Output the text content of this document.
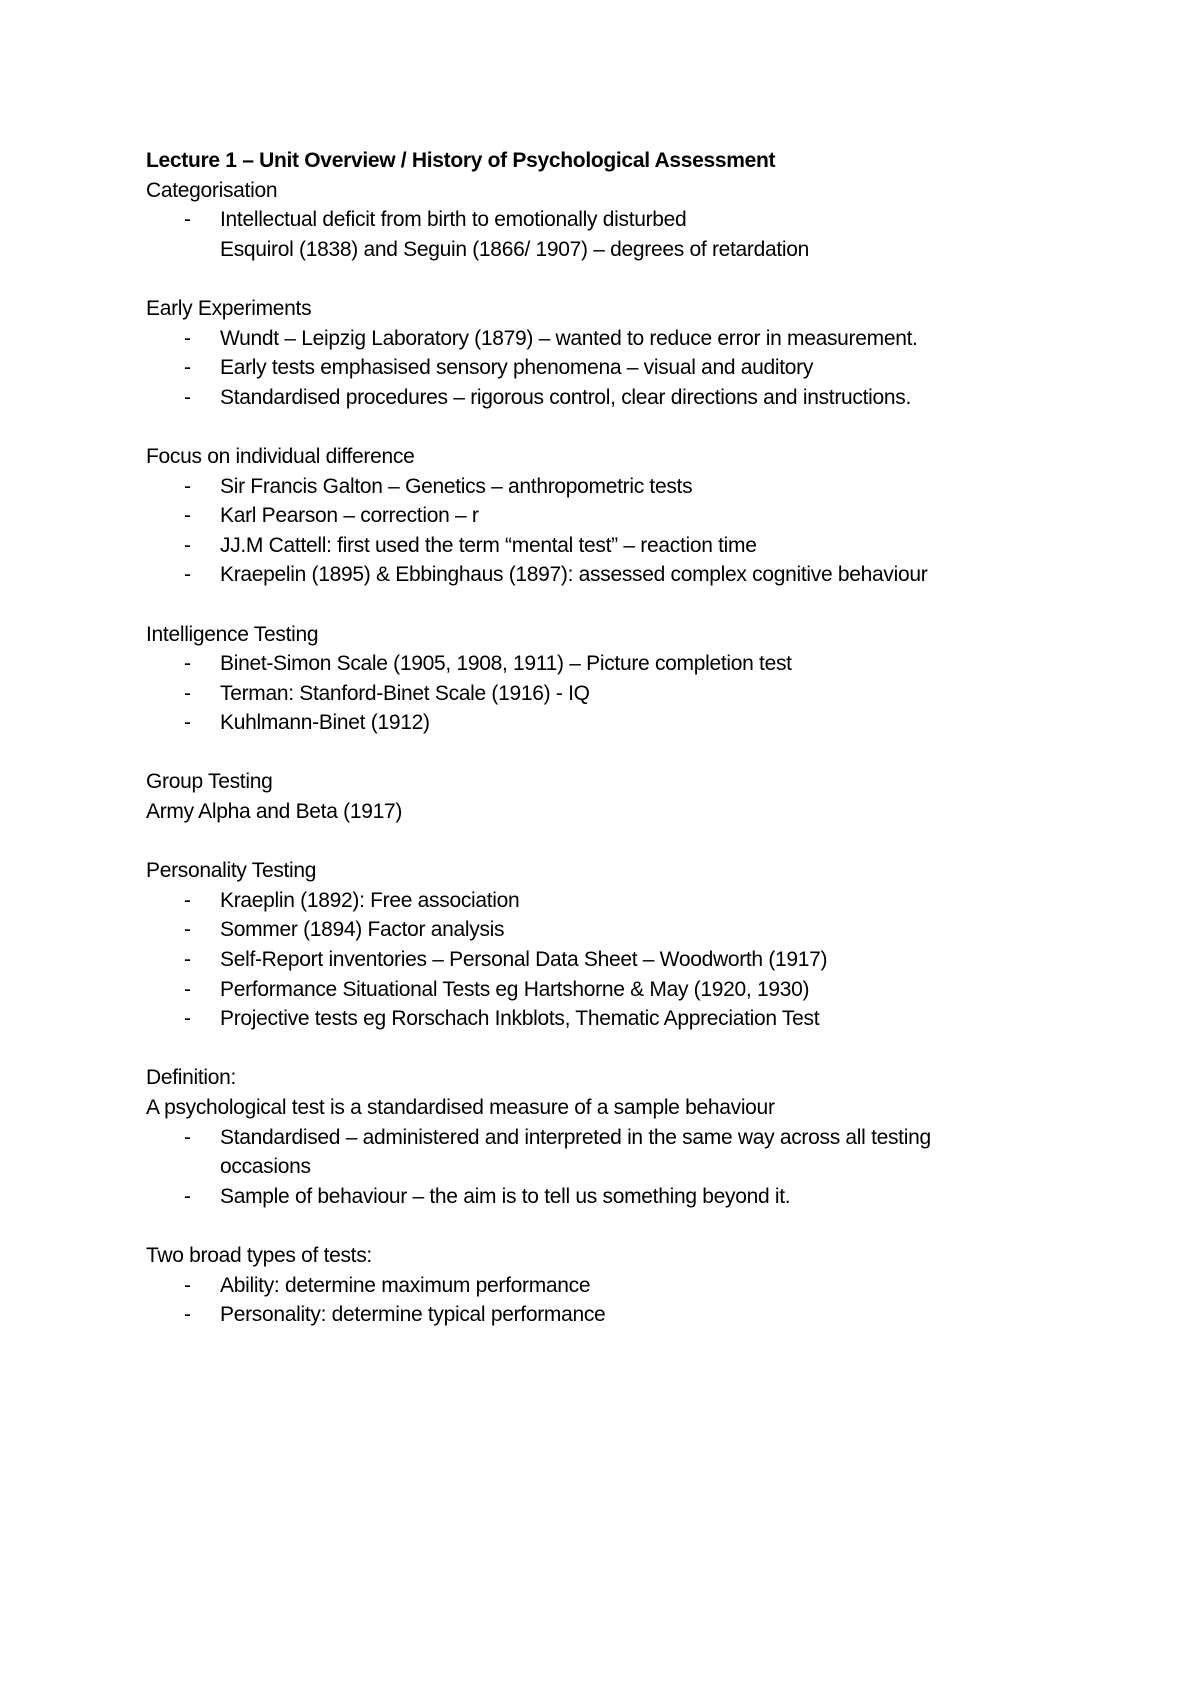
Lecture 1 – Unit Overview / History of Psychological Assessment
Categorisation
-	Intellectual deficit from birth to emotionally disturbed
Esquirol (1838) and Seguin (1866/ 1907) – degrees of retardation
Early Experiments
-	Wundt – Leipzig Laboratory (1879) – wanted to reduce error in measurement.
-	Early tests emphasised sensory phenomena – visual and auditory
-	Standardised procedures – rigorous control, clear directions and instructions.
Focus on individual difference
-	Sir Francis Galton – Genetics – anthropometric tests
-	Karl Pearson – correction – r
-	JJ.M Cattell: first used the term “mental test” – reaction time
-	Kraepelin (1895) & Ebbinghaus (1897): assessed complex cognitive behaviour
Intelligence Testing
-	Binet-Simon Scale (1905, 1908, 1911) – Picture completion test
-	Terman: Stanford-Binet Scale (1916) - IQ
-	Kuhlmann-Binet (1912)
Group Testing
Army Alpha and Beta (1917)
Personality Testing
-	Kraeplin (1892): Free association
-	Sommer (1894) Factor analysis
-	Self-Report inventories – Personal Data Sheet – Woodworth (1917)
-	Performance Situational Tests eg Hartshorne & May (1920, 1930)
-	Projective tests eg Rorschach Inkblots, Thematic Appreciation Test
Definition:
A psychological test is a standardised measure of a sample behaviour
-	Standardised – administered and interpreted in the same way across all testing occasions
-	Sample of behaviour – the aim is to tell us something beyond it.
Two broad types of tests:
-	Ability: determine maximum performance
-	Personality: determine typical performance
